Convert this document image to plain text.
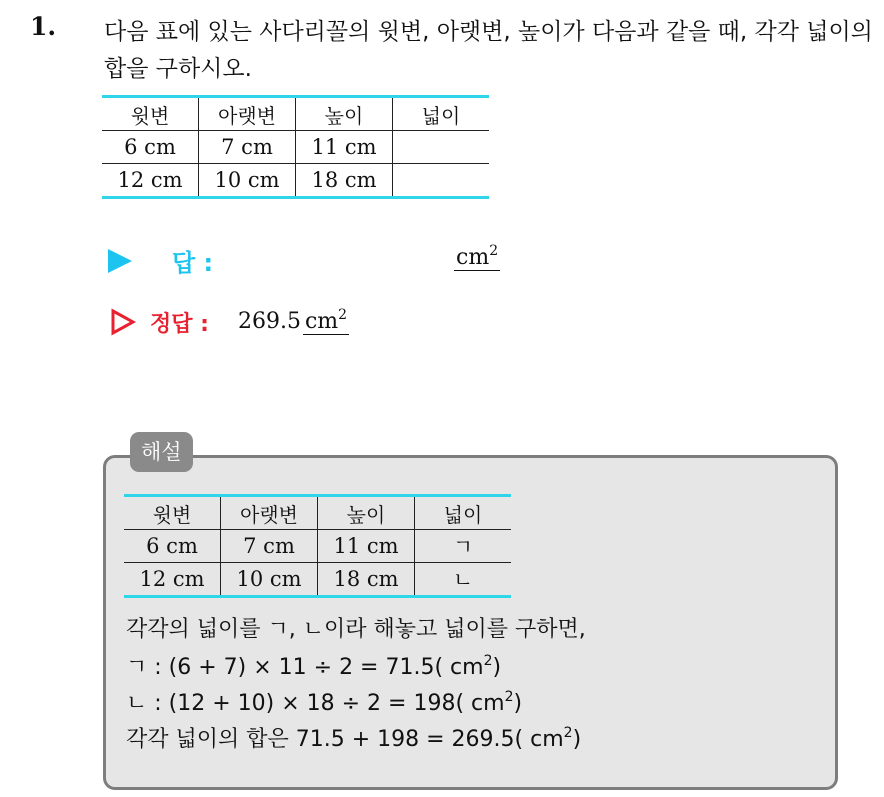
1. 다음 표에 있는 사다리꼴의 윗변, 아랫변, 높이가 다음과 같을 때, 각각 넓이의 합을 구하시오.
윗변	아랫변	높이	넓이
6 cm	7 cm	11 cm	
12 cm	10 cm	18 cm	
답 :	$cm^2$
정답 : 269.5 $cm^2$
해설
윗변	아랫변	높이	넓이
6 cm	7 cm	11 cm	ㄱ
12 cm	10 cm	18 cm	ㄴ
각각의 넓이를 ㄱ, ㄴ이라 해놓고 넓이를 구하면,
ㄱ : (6 + 7) × 11 ÷ 2 = 71.5( $cm^2$)
ㄴ : (12 + 10) × 18 ÷ 2 = 198( $cm^2$)
각각 넓이의 합은 71.5 + 198 = 269.5( $cm^2$)
